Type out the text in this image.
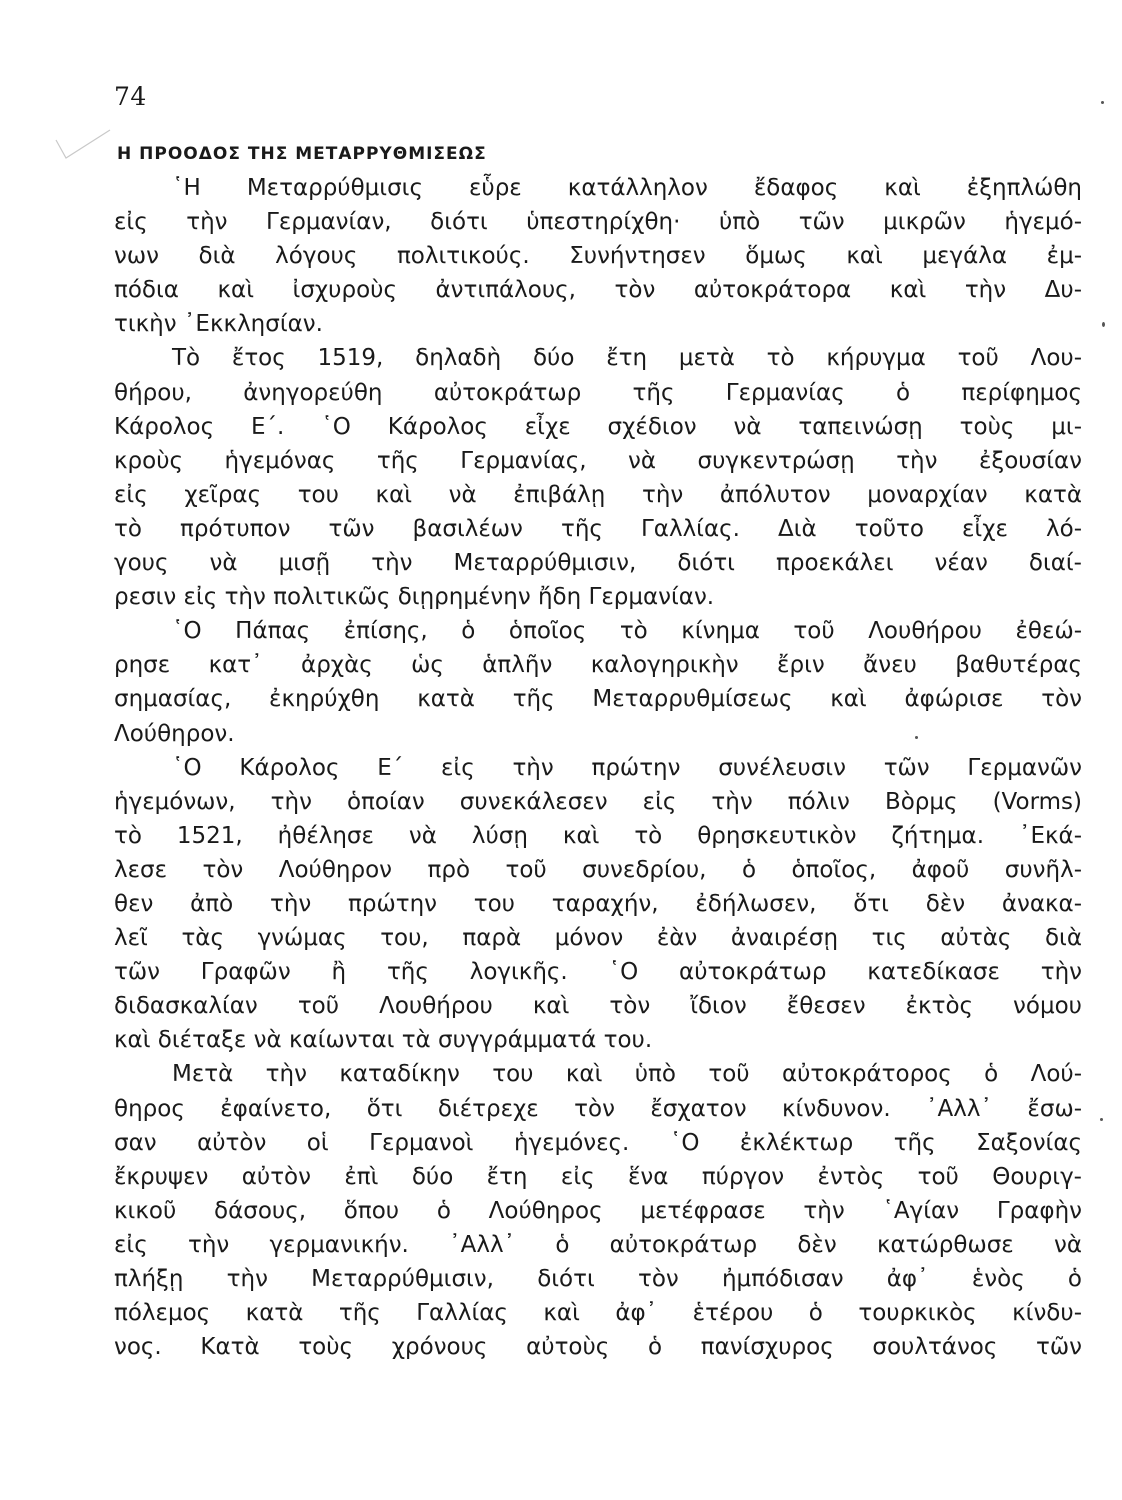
74
Η ΠΡΟΟΔΟΣ ΤΗΣ ΜΕΤΑΡΡΥΘΜΙΣΕΩΣ
῾Η Μεταρρύθμισις εὗρε κατάλληλον ἔδαφος καὶ ἐξηπλώθη
εἰς τὴν Γερμανίαν, διότι ὑπεστηρίχθη· ὑπὸ τῶν μικρῶν ἡγεμό-
νων διὰ λόγους πολιτικούς. Συνήντησεν ὅμως καὶ μεγάλα ἐμ-
πόδια καὶ ἰσχυροὺς ἀντιπάλους, τὸν αὐτοκράτορα καὶ τὴν Δυ-
τικὴν ᾿Εκκλησίαν.
Τὸ ἔτος 1519, δηλαδὴ δύο ἔτη μετὰ τὸ κήρυγμα τοῦ Λου-
θήρου, ἀνηγορεύθη αὐτοκράτωρ τῆς Γερμανίας ὁ περίφημος
Κάρολος Ε΄. ῾Ο Κάρολος εἶχε σχέδιον νὰ ταπεινώσῃ τοὺς μι-
κροὺς ἡγεμόνας τῆς Γερμανίας, νὰ συγκεντρώσῃ τὴν ἐξουσίαν
εἰς χεῖρας του καὶ νὰ ἐπιβάλῃ τὴν ἀπόλυτον μοναρχίαν κατὰ
τὸ πρότυπον τῶν βασιλέων τῆς Γαλλίας. Διὰ τοῦτο εἶχε λό-
γους νὰ μισῇ τὴν Μεταρρύθμισιν, διότι προεκάλει νέαν διαί-
ρεσιν εἰς τὴν πολιτικῶς διῃρημένην ἤδη Γερμανίαν.
῾Ο Πάπας ἐπίσης, ὁ ὁποῖος τὸ κίνημα τοῦ Λουθήρου ἐθεώ-
ρησε κατ᾿ ἀρχὰς ὡς ἁπλῆν καλογηρικὴν ἔριν ἄνευ βαθυτέρας
σημασίας, ἐκηρύχθη κατὰ τῆς Μεταρρυθμίσεως καὶ ἀφώρισε τὸν
Λούθηρον.
῾Ο Κάρολος Ε΄ εἰς τὴν πρώτην συνέλευσιν τῶν Γερμανῶν
ἡγεμόνων, τὴν ὁποίαν συνεκάλεσεν εἰς τὴν πόλιν Βὸρμς (Vorms)
τὸ 1521, ἠθέλησε νὰ λύσῃ καὶ τὸ θρησκευτικὸν ζήτημα. ᾿Εκά-
λεσε τὸν Λούθηρον πρὸ τοῦ συνεδρίου, ὁ ὁποῖος, ἀφοῦ συνῆλ-
θεν ἀπὸ τὴν πρώτην του ταραχήν, ἐδήλωσεν, ὅτι δὲν ἀνακα-
λεῖ τὰς γνώμας του, παρὰ μόνον ἐὰν ἀναιρέσῃ τις αὐτὰς διὰ
τῶν Γραφῶν ἢ τῆς λογικῆς. ῾Ο αὐτοκράτωρ κατεδίκασε τὴν
διδασκαλίαν τοῦ Λουθήρου καὶ τὸν ἴδιον ἔθεσεν ἐκτὸς νόμου
καὶ διέταξε νὰ καίωνται τὰ συγγράμματά του.
Μετὰ τὴν καταδίκην του καὶ ὑπὸ τοῦ αὐτοκράτορος ὁ Λού-
θηρος ἐφαίνετο, ὅτι διέτρεχε τὸν ἔσχατον κίνδυνον. ᾿Αλλ᾿ ἔσω-
σαν αὐτὸν οἱ Γερμανοὶ ἡγεμόνες. ῾Ο ἐκλέκτωρ τῆς Σαξονίας
ἔκρυψεν αὐτὸν ἐπὶ δύο ἔτη εἰς ἕνα πύργον ἐντὸς τοῦ Θουριγ-
κικοῦ δάσους, ὅπου ὁ Λούθηρος μετέφρασε τὴν ῾Αγίαν Γραφὴν
εἰς τὴν γερμανικήν. ᾿Αλλ᾿ ὁ αὐτοκράτωρ δὲν κατώρθωσε νὰ
πλήξῃ τὴν Μεταρρύθμισιν, διότι τὸν ἠμπόδισαν ἀφ᾿ ἑνὸς ὁ
πόλεμος κατὰ τῆς Γαλλίας καὶ ἀφ᾿ ἑτέρου ὁ τουρκικὸς κίνδυ-
νος. Κατὰ τοὺς χρόνους αὐτοὺς ὁ πανίσχυρος σουλτάνος τῶν
